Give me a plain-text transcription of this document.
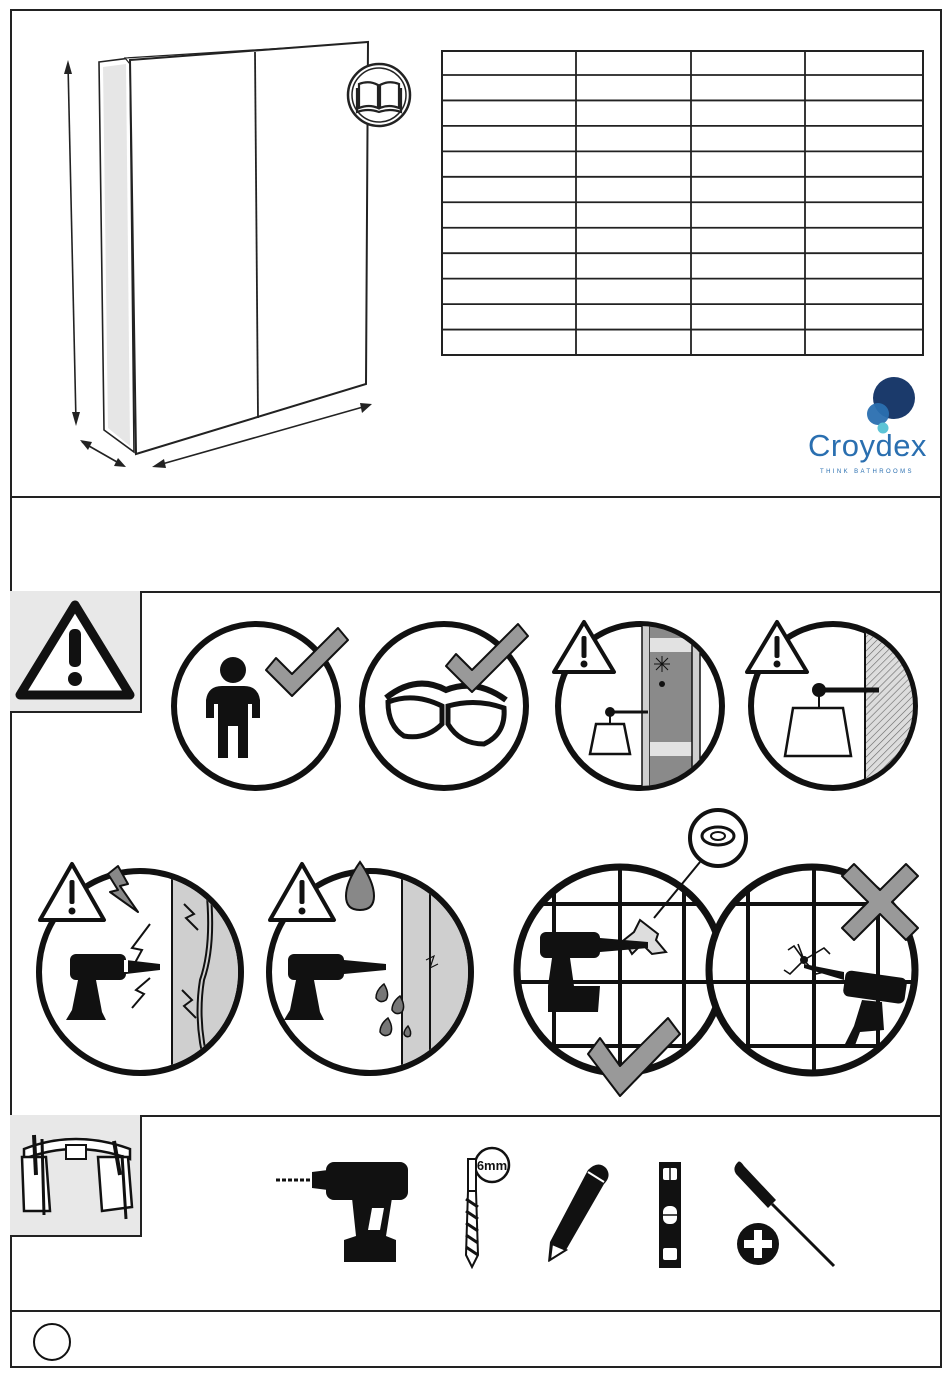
Croydex
THINK BATHROOMS
6mm
